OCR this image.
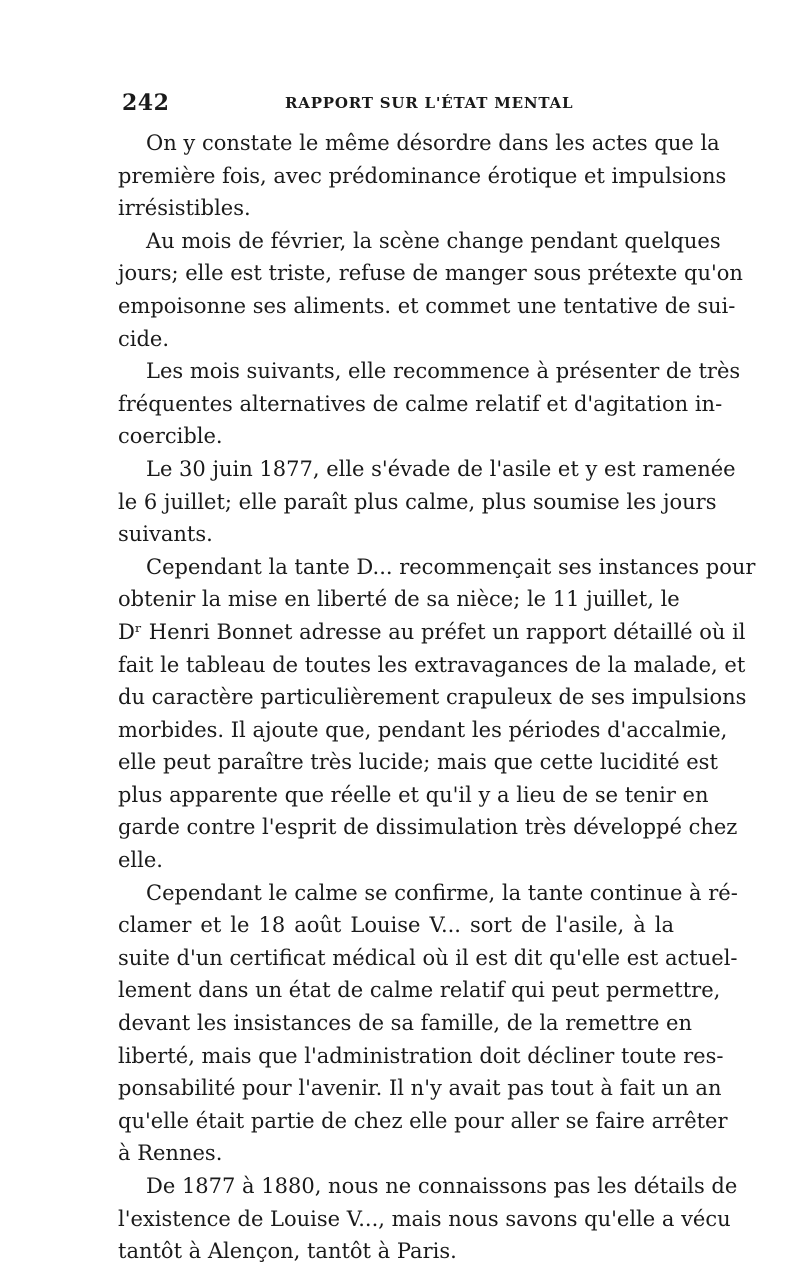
242	RAPPORT SUR L'ÉTAT MENTAL
On y constate le même désordre dans les actes que la
première fois, avec prédominance érotique et impulsions
irrésistibles.
Au mois de février, la scène change pendant quelques
jours; elle est triste, refuse de manger sous prétexte qu'on
empoisonne ses aliments. et commet une tentative de sui-
cide.
Les mois suivants, elle recommence à présenter de très
fréquentes alternatives de calme relatif et d'agitation in-
coercible.
Le 30 juin 1877, elle s'évade de l'asile et y est ramenée
le 6 juillet; elle paraît plus calme, plus soumise les jours
suivants.
Cependant la tante D... recommençait ses instances pour
obtenir la mise en liberté de sa nièce; le 11 juillet, le
Dʳ Henri Bonnet adresse au préfet un rapport détaillé où il
fait le tableau de toutes les extravagances de la malade, et
du caractère particulièrement crapuleux de ses impulsions
morbides. Il ajoute que, pendant les périodes d'accalmie,
elle peut paraître très lucide; mais que cette lucidité est
plus apparente que réelle et qu'il y a lieu de se tenir en
garde contre l'esprit de dissimulation très développé chez
elle.
Cependant le calme se confirme, la tante continue à ré-
clamer et le 18 août Louise V... sort de l'asile, à la
suite d'un certificat médical où il est dit qu'elle est actuel-
lement dans un état de calme relatif qui peut permettre,
devant les insistances de sa famille, de la remettre en
liberté, mais que l'administration doit décliner toute res-
ponsabilité pour l'avenir. Il n'y avait pas tout à fait un an
qu'elle était partie de chez elle pour aller se faire arrêter
à Rennes.
De 1877 à 1880, nous ne connaissons pas les détails de
l'existence de Louise V..., mais nous savons qu'elle a vécu
tantôt à Alençon, tantôt à Paris.
